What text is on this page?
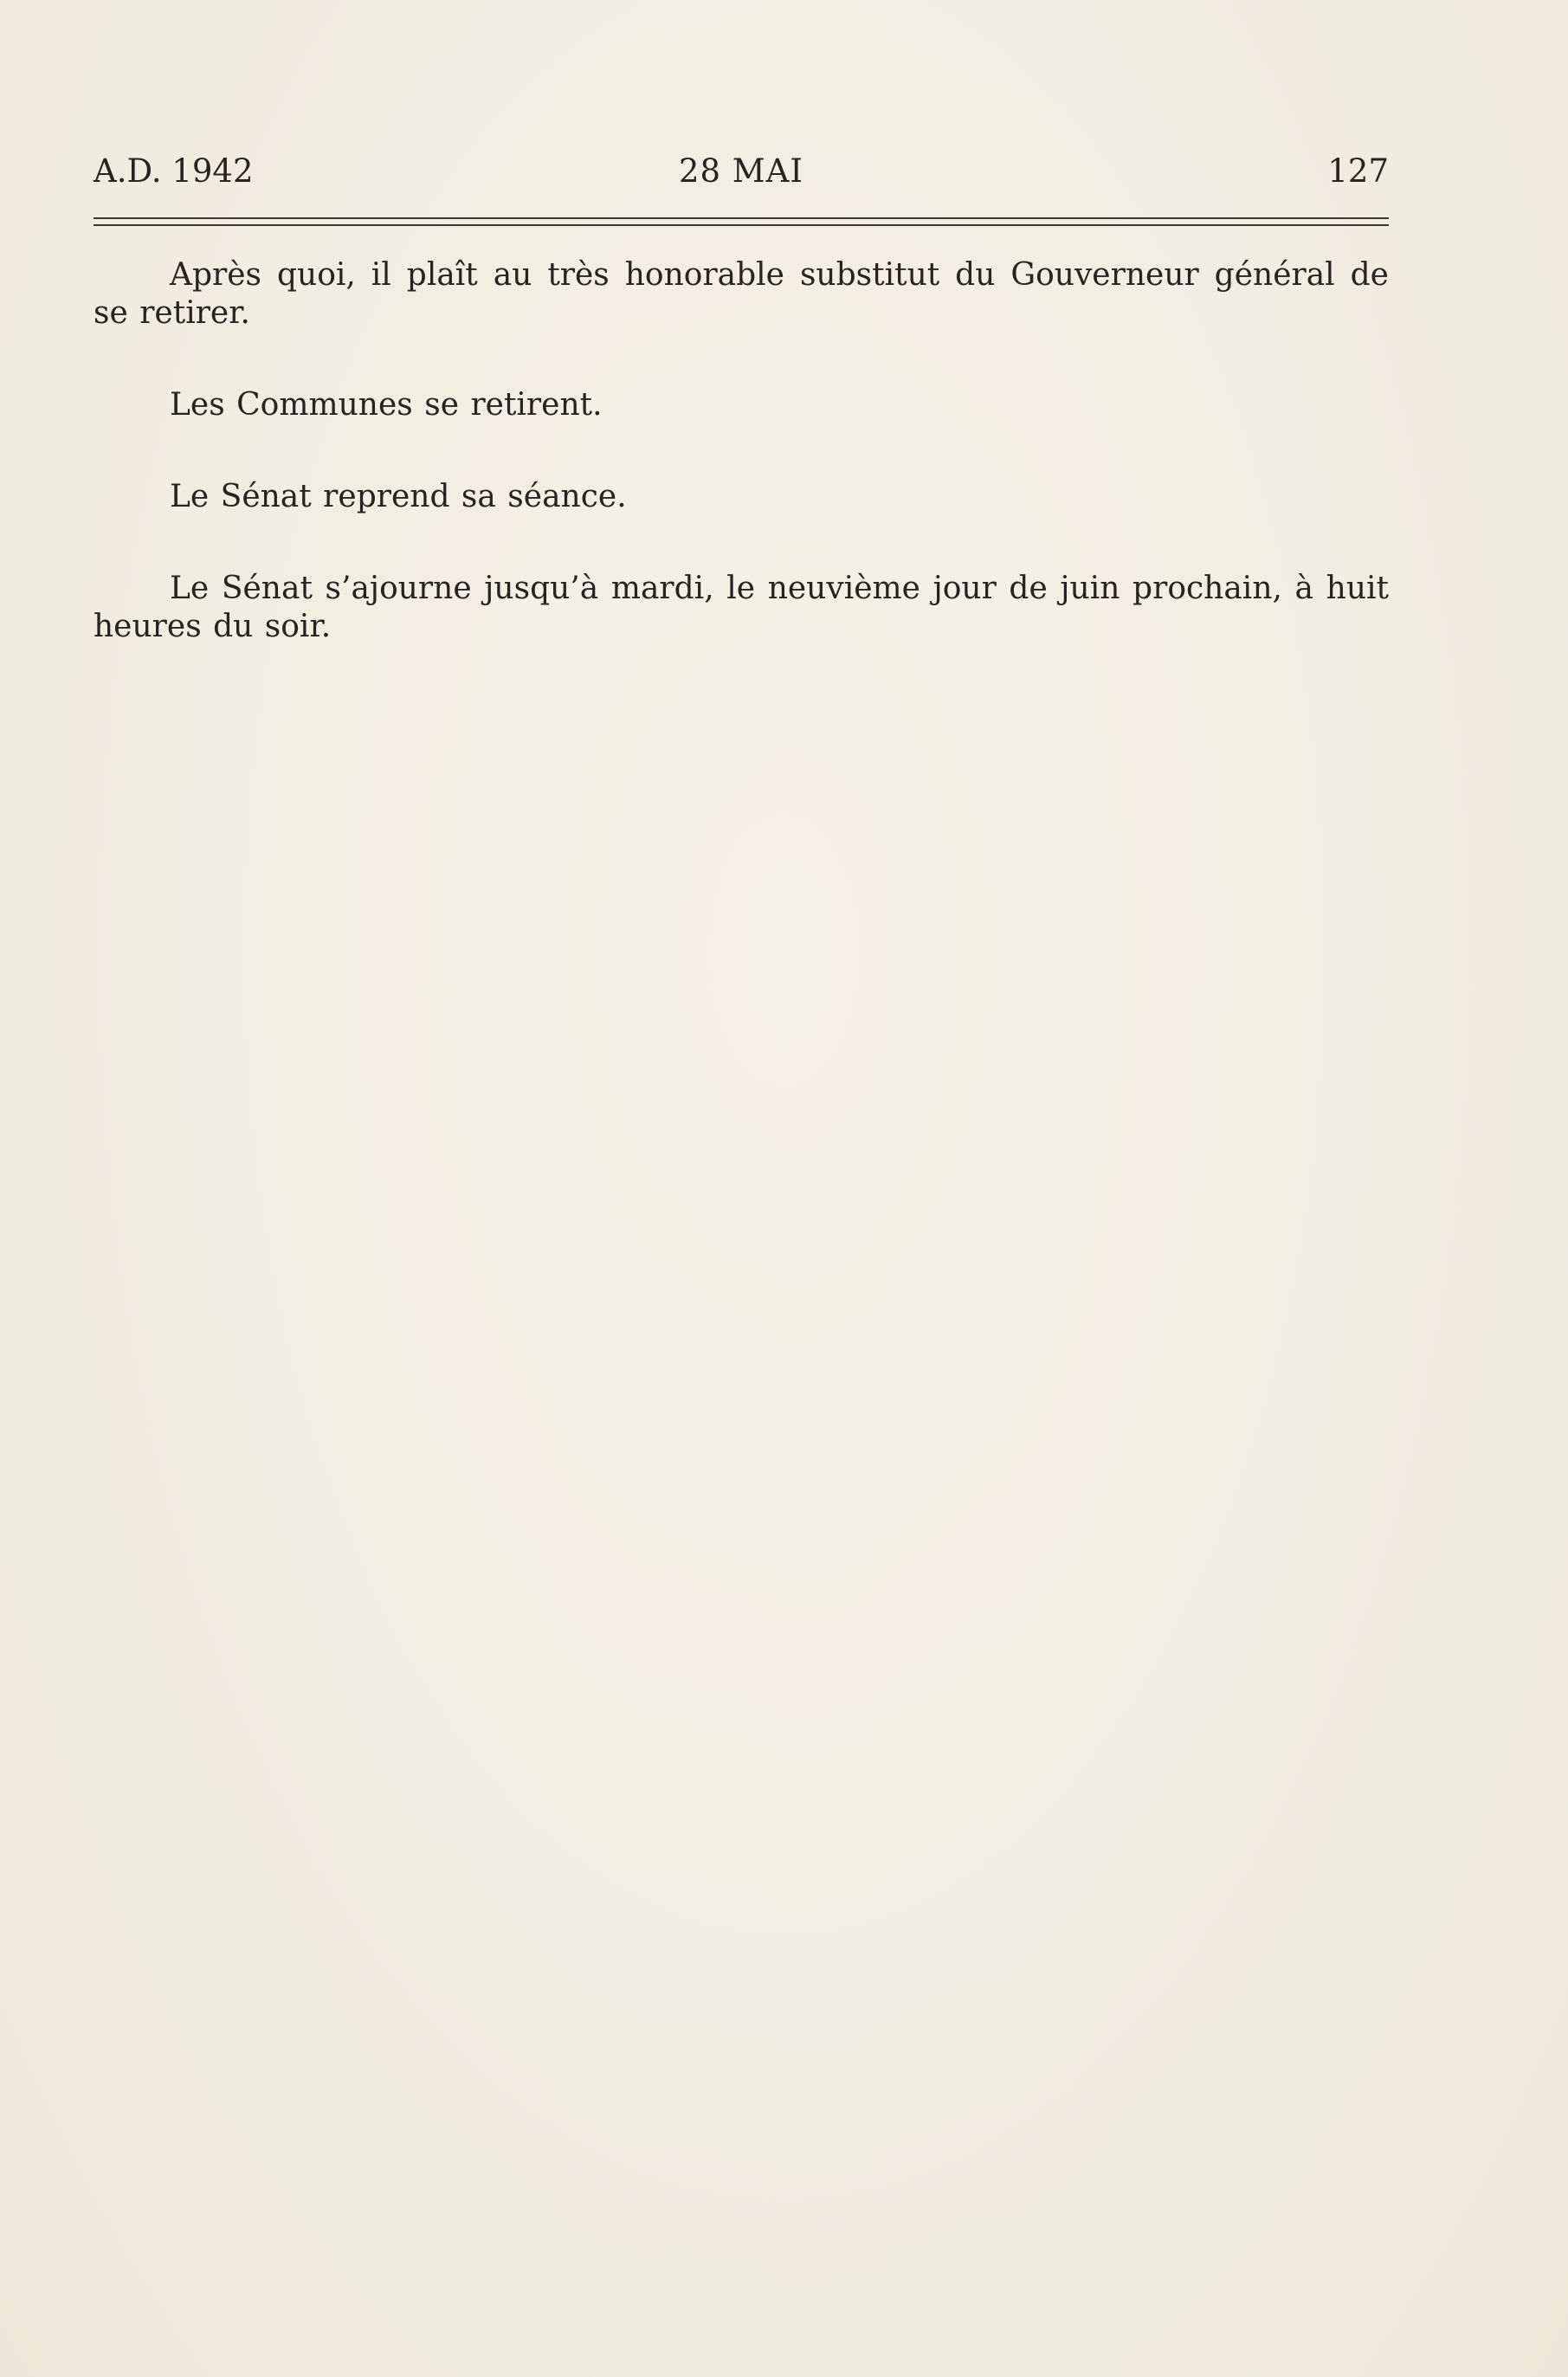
A.D. 1942	28 MAI	127

Après quoi, il plaît au très honorable substitut du Gouverneur général de se retirer.

Les Communes se retirent.

Le Sénat reprend sa séance.

Le Sénat s’ajourne jusqu’à mardi, le neuvième jour de juin prochain, à huit heures du soir.
